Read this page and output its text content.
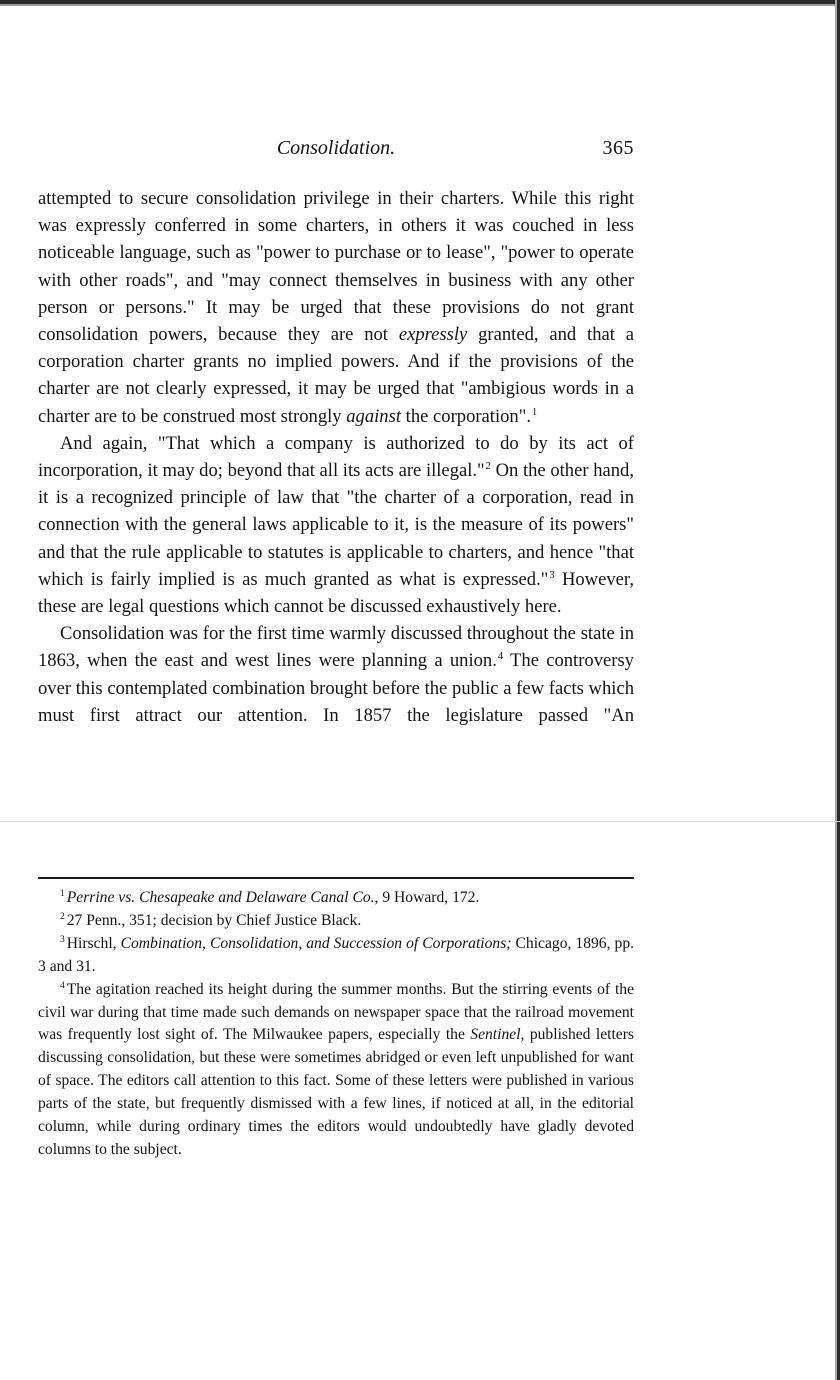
Consolidation.	365

attempted to secure consolidation privilege in their charters. While this right was expressly conferred in some charters, in others it was couched in less noticeable language, such as "power to purchase or to lease", "power to operate with other roads", and "may connect themselves in business with any other person or persons." It may be urged that these provisions do not grant consolidation powers, because they are not expressly granted, and that a corporation charter grants no implied powers. And if the provisions of the charter are not clearly expressed, it may be urged that "ambigious words in a charter are to be construed most strongly against the corporation".$^1$

And again, "That which a company is authorized to do by its act of incorporation, it may do; beyond that all its acts are illegal."$^2$ On the other hand, it is a recognized principle of law that "the charter of a corporation, read in connection with the general laws applicable to it, is the measure of its powers" and that the rule applicable to statutes is applicable to charters, and hence "that which is fairly implied is as much granted as what is expressed."$^3$ However, these are legal questions which cannot be discussed exhaustively here.

Consolidation was for the first time warmly discussed throughout the state in 1863, when the east and west lines were planning a union.$^4$ The controversy over this contemplated combination brought before the public a few facts which must first attract our attention. In 1857 the legislature passed "An

$^1$ Perrine vs. Chesapeake and Delaware Canal Co., 9 Howard, 172.

$^2$ 27 Penn., 351; decision by Chief Justice Black.

$^3$ Hirschl, Combination, Consolidation, and Succession of Corporations; Chicago, 1896, pp. 3 and 31.

$^4$ The agitation reached its height during the summer months. But the stirring events of the civil war during that time made such demands on newspaper space that the railroad movement was frequently lost sight of. The Milwaukee papers, especially the Sentinel, published letters discussing consolidation, but these were sometimes abridged or even left unpublished for want of space. The editors call attention to this fact. Some of these letters were published in various parts of the state, but frequently dismissed with a few lines, if noticed at all, in the editorial column, while during ordinary times the editors would undoubtedly have gladly devoted columns to the subject.
